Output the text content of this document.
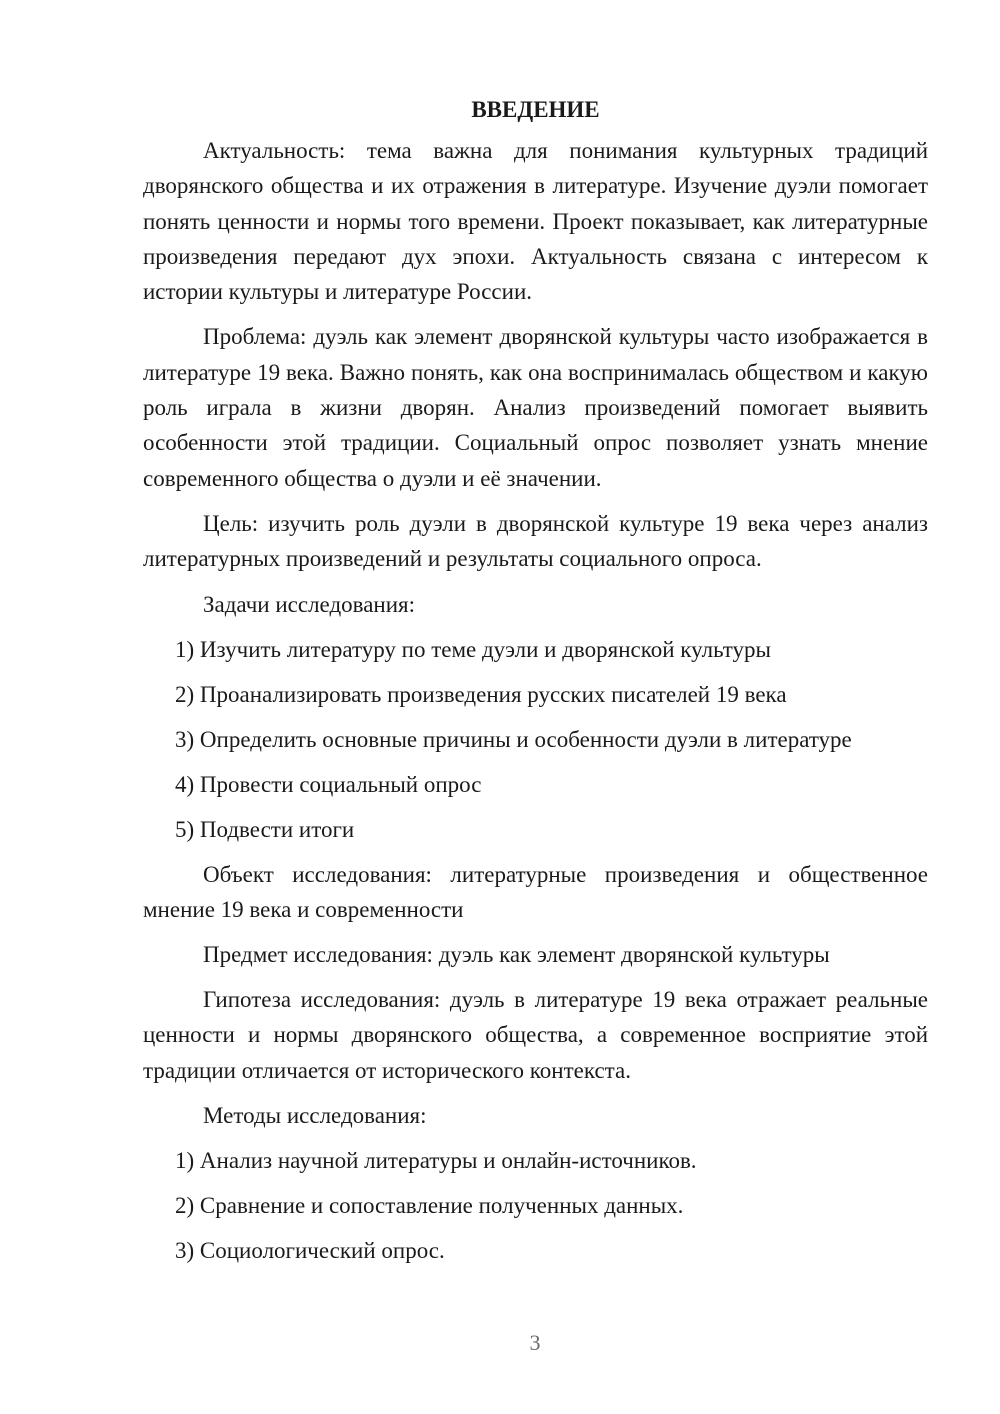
ВВЕДЕНИЕ

Актуальность: тема важна для понимания культурных традиций дворянского общества и их отражения в литературе. Изучение дуэли помогает понять ценности и нормы того времени. Проект показывает, как литературные произведения передают дух эпохи. Актуальность связана с интересом к истории культуры и литературе России.

Проблема: дуэль как элемент дворянской культуры часто изображается в литературе 19 века. Важно понять, как она воспринималась обществом и какую роль играла в жизни дворян. Анализ произведений помогает выявить особенности этой традиции. Социальный опрос позволяет узнать мнение современного общества о дуэли и её значении.

Цель: изучить роль дуэли в дворянской культуре 19 века через анализ литературных произведений и результаты социального опроса.

Задачи исследования:

1) Изучить литературу по теме дуэли и дворянской культуры
2) Проанализировать произведения русских писателей 19 века
3) Определить основные причины и особенности дуэли в литературе
4) Провести социальный опрос
5) Подвести итоги

Объект исследования: литературные произведения и общественное мнение 19 века и современности

Предмет исследования: дуэль как элемент дворянской культуры

Гипотеза исследования: дуэль в литературе 19 века отражает реальные ценности и нормы дворянского общества, а современное восприятие этой традиции отличается от исторического контекста.

Методы исследования:

1) Анализ научной литературы и онлайн-источников.
2) Сравнение и сопоставление полученных данных.
3) Социологический опрос.
3
